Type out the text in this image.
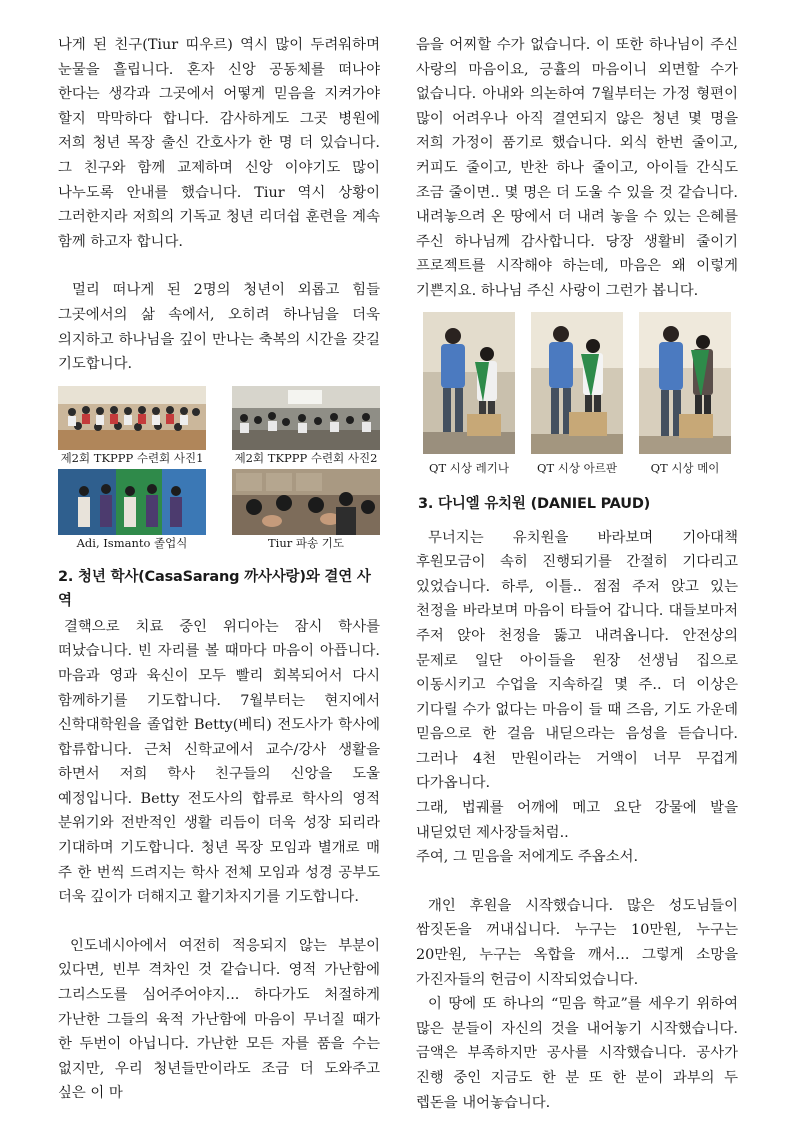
나게 된 친구(Tiur 띠우르) 역시 많이 두려워하며 눈물을 흘립니다. 혼자 신앙 공동체를 떠나야 한다는 생각과 그곳에서 어떻게 믿음을 지켜가야 할지 막막하다 합니다. 감사하게도 그곳 병원에 저희 청년 목장 출신 간호사가 한 명 더 있습니다. 그 친구와 함께 교제하며 신앙 이야기도 많이 나누도록 안내를 했습니다. Tiur 역시 상황이 그러한지라 저희의 기독교 청년 리더쉽 훈련을 계속 함께 하고자 합니다.

멀리 떠나게 된 2명의 청년이 외롭고 힘들 그곳에서의 삶 속에서, 오히려 하나님을 더욱 의지하고 하나님을 깊이 만나는 축복의 시간을 갖길 기도합니다.

제2회 TKPPP 수련회 사진1	제2회 TKPPP 수련회 사진2
Adi, Ismanto 졸업식	Tiur 파송 기도
2. 청년 학사(CasaSarang 까사사랑)와 결연 사역

결핵으로 치료 중인 위디아는 잠시 학사를 떠났습니다. 빈 자리를 볼 때마다 마음이 아픕니다. 마음과 영과 육신이 모두 빨리 회복되어서 다시 함께하기를 기도합니다. 7월부터는 현지에서 신학대학원을 졸업한 Betty(베티) 전도사가 학사에 합류합니다. 근처 신학교에서 교수/강사 생활을 하면서 저희 학사 친구들의 신앙을 도울 예정입니다. Betty 전도사의 합류로 학사의 영적 분위기와 전반적인 생활 리듬이 더욱 성장 되리라 기대하며 기도합니다. 청년 목장 모임과 별개로 매 주 한 번씩 드려지는 학사 전체 모임과 성경 공부도 더욱 깊이가 더해지고 활기차지기를 기도합니다.

인도네시아에서 여전히 적응되지 않는 부분이 있다면, 빈부 격차인 것 같습니다. 영적 가난함에 그리스도를 심어주어야지... 하다가도 처절하게 가난한 그들의 육적 가난함에 마음이 무너질 때가 한 두번이 아닙니다. 가난한 모든 자를 품을 수는 없지만, 우리 청년들만이라도 조금 더 도와주고 싶은 이 마

음을 어찌할 수가 없습니다. 이 또한 하나님이 주신 사랑의 마음이요, 긍휼의 마음이니 외면할 수가 없습니다. 아내와 의논하여 7월부터는 가정 형편이 많이 어려우나 아직 결연되지 않은 청년 몇 명을 저희 가정이 품기로 했습니다. 외식 한번 줄이고, 커피도 줄이고, 반찬 하나 줄이고, 아이들 간식도 조금 줄이면.. 몇 명은 더 도울 수 있을 것 같습니다. 내려놓으려 온 땅에서 더 내려 놓을 수 있는 은혜를 주신 하나님께 감사합니다. 당장 생활비 줄이기 프로젝트를 시작해야 하는데, 마음은 왜 이렇게 기쁜지요. 하나님 주신 사랑이 그런가 봅니다.

QT 시상 레기나	QT 시상 아르판	QT 시상 메이
3. 다니엘 유치원 (DANIEL PAUD)

무너지는 유치원을 바라보며 기아대책 후원모금이 속히 진행되기를 간절히 기다리고 있었습니다. 하루, 이틀.. 점점 주저 앉고 있는 천정을 바라보며 마음이 타들어 갑니다. 대들보마저 주저 앉아 천정을 뚫고 내려옵니다. 안전상의 문제로 일단 아이들을 원장 선생님 집으로 이동시키고 수업을 지속하길 몇 주.. 더 이상은 기다릴 수가 없다는 마음이 들 때 즈음, 기도 가운데 믿음으로 한 걸음 내딛으라는 음성을 듣습니다. 그러나 4천 만원이라는 거액이 너무 무겁게 다가옵니다.

그래, 법궤를 어깨에 메고 요단 강물에 발을 내딛었던 제사장들처럼..

주여, 그 믿음을 저에게도 주옵소서.

개인 후원을 시작했습니다. 많은 성도님들이 쌈짓돈을 꺼내십니다. 누구는 10만원, 누구는 20만원, 누구는 옥합을 깨서... 그렇게 소망을 가진자들의 헌금이 시작되었습니다.

이 땅에 또 하나의 “믿음 학교”를 세우기 위하여 많은 분들이 자신의 것을 내어놓기 시작했습니다. 금액은 부족하지만 공사를 시작했습니다. 공사가 진행 중인 지금도 한 분 또 한 분이 과부의 두 렙돈을 내어놓습니다.
